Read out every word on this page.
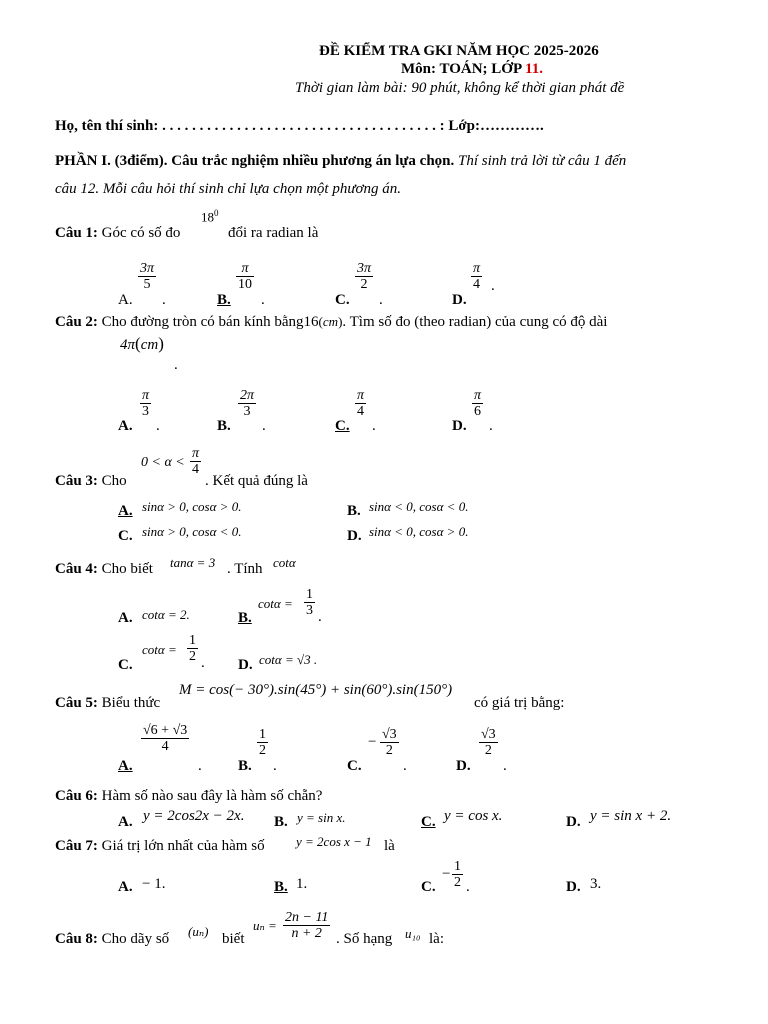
ĐỀ KIỂM TRA GKI NĂM HỌC 2025-2026
Môn: TOÁN; LỚP 11.
Thời gian làm bài: 90 phút, không kể thời gian phát đề
Họ, tên thí sinh: . . . . . . . . . . . . . . . . . . . . . . . . . . . . . . . . . . . . . : Lớp:………….
PHẦN I. (3điểm). Câu trắc nghiệm nhiều phương án lựa chọn. Thí sinh trả lời từ câu 1 đến
câu 12. Mỗi câu hỏi thí sinh chỉ lựa chọn một phương án.
Câu 1: Góc có số đo
$18^0$
đổi ra radian là
A.
$\frac{3\pi}{5}$
.	B.
$\frac{\pi}{10}$
.	C.
$\frac{3\pi}{2}$
.	D.
$\frac{\pi}{4}$ .
Câu 2: Cho đường tròn có bán kính bằng16(cm). Tìm số đo (theo radian) của cung có độ dài
4π(cm)
.
A.
$\frac{\pi}{3}$
.	B.
$\frac{2\pi}{3}$
.	C.
$\frac{\pi}{4}$
.	D.
$\frac{\pi}{6}$
.
Câu 3: Cho
$0 < \alpha < \frac{\pi}{4}$
. Kết quả đúng là
A. sinα > 0, cosα > 0.	B. sinα < 0, cosα < 0.
C. sinα > 0, cosα < 0.	D. sinα < 0, cosα > 0.
Câu 4: Cho biết tanα = 3 . Tính cotα
A. cotα = 2.	B.
$\cot\alpha = \frac{1}{3}$ .
C.
$\cot\alpha = \frac{1}{2}$ . D. cotα = √3 .
Câu 5: Biểu thức
M = cos(− 30°).sin(45°) + sin(60°).sin(150°)
có giá trị bằng:
A.
$\frac{√6 + √3}{4}$
. B.
$\frac{1}{2}$
.	C.
− $\frac{√3}{2}$
.	D.
$\frac{√3}{2}$
.
Câu 6: Hàm số nào sau đây là hàm số chẵn?
A. y = 2cos2x − 2x. B. y = sin x.	C. y = cos x.	D. y = sin x + 2.
Câu 7: Giá trị lớn nhất của hàm số y = 2cos x − 1 là
A. − 1.	B. 1.	C.
− $\frac{1}{2}$ .	D. 3.
Câu 8: Cho dãy số (uₙ) biết
$u_n = \frac{2n - 11}{n + 2}$ . Số hạng u₁₀ là:
